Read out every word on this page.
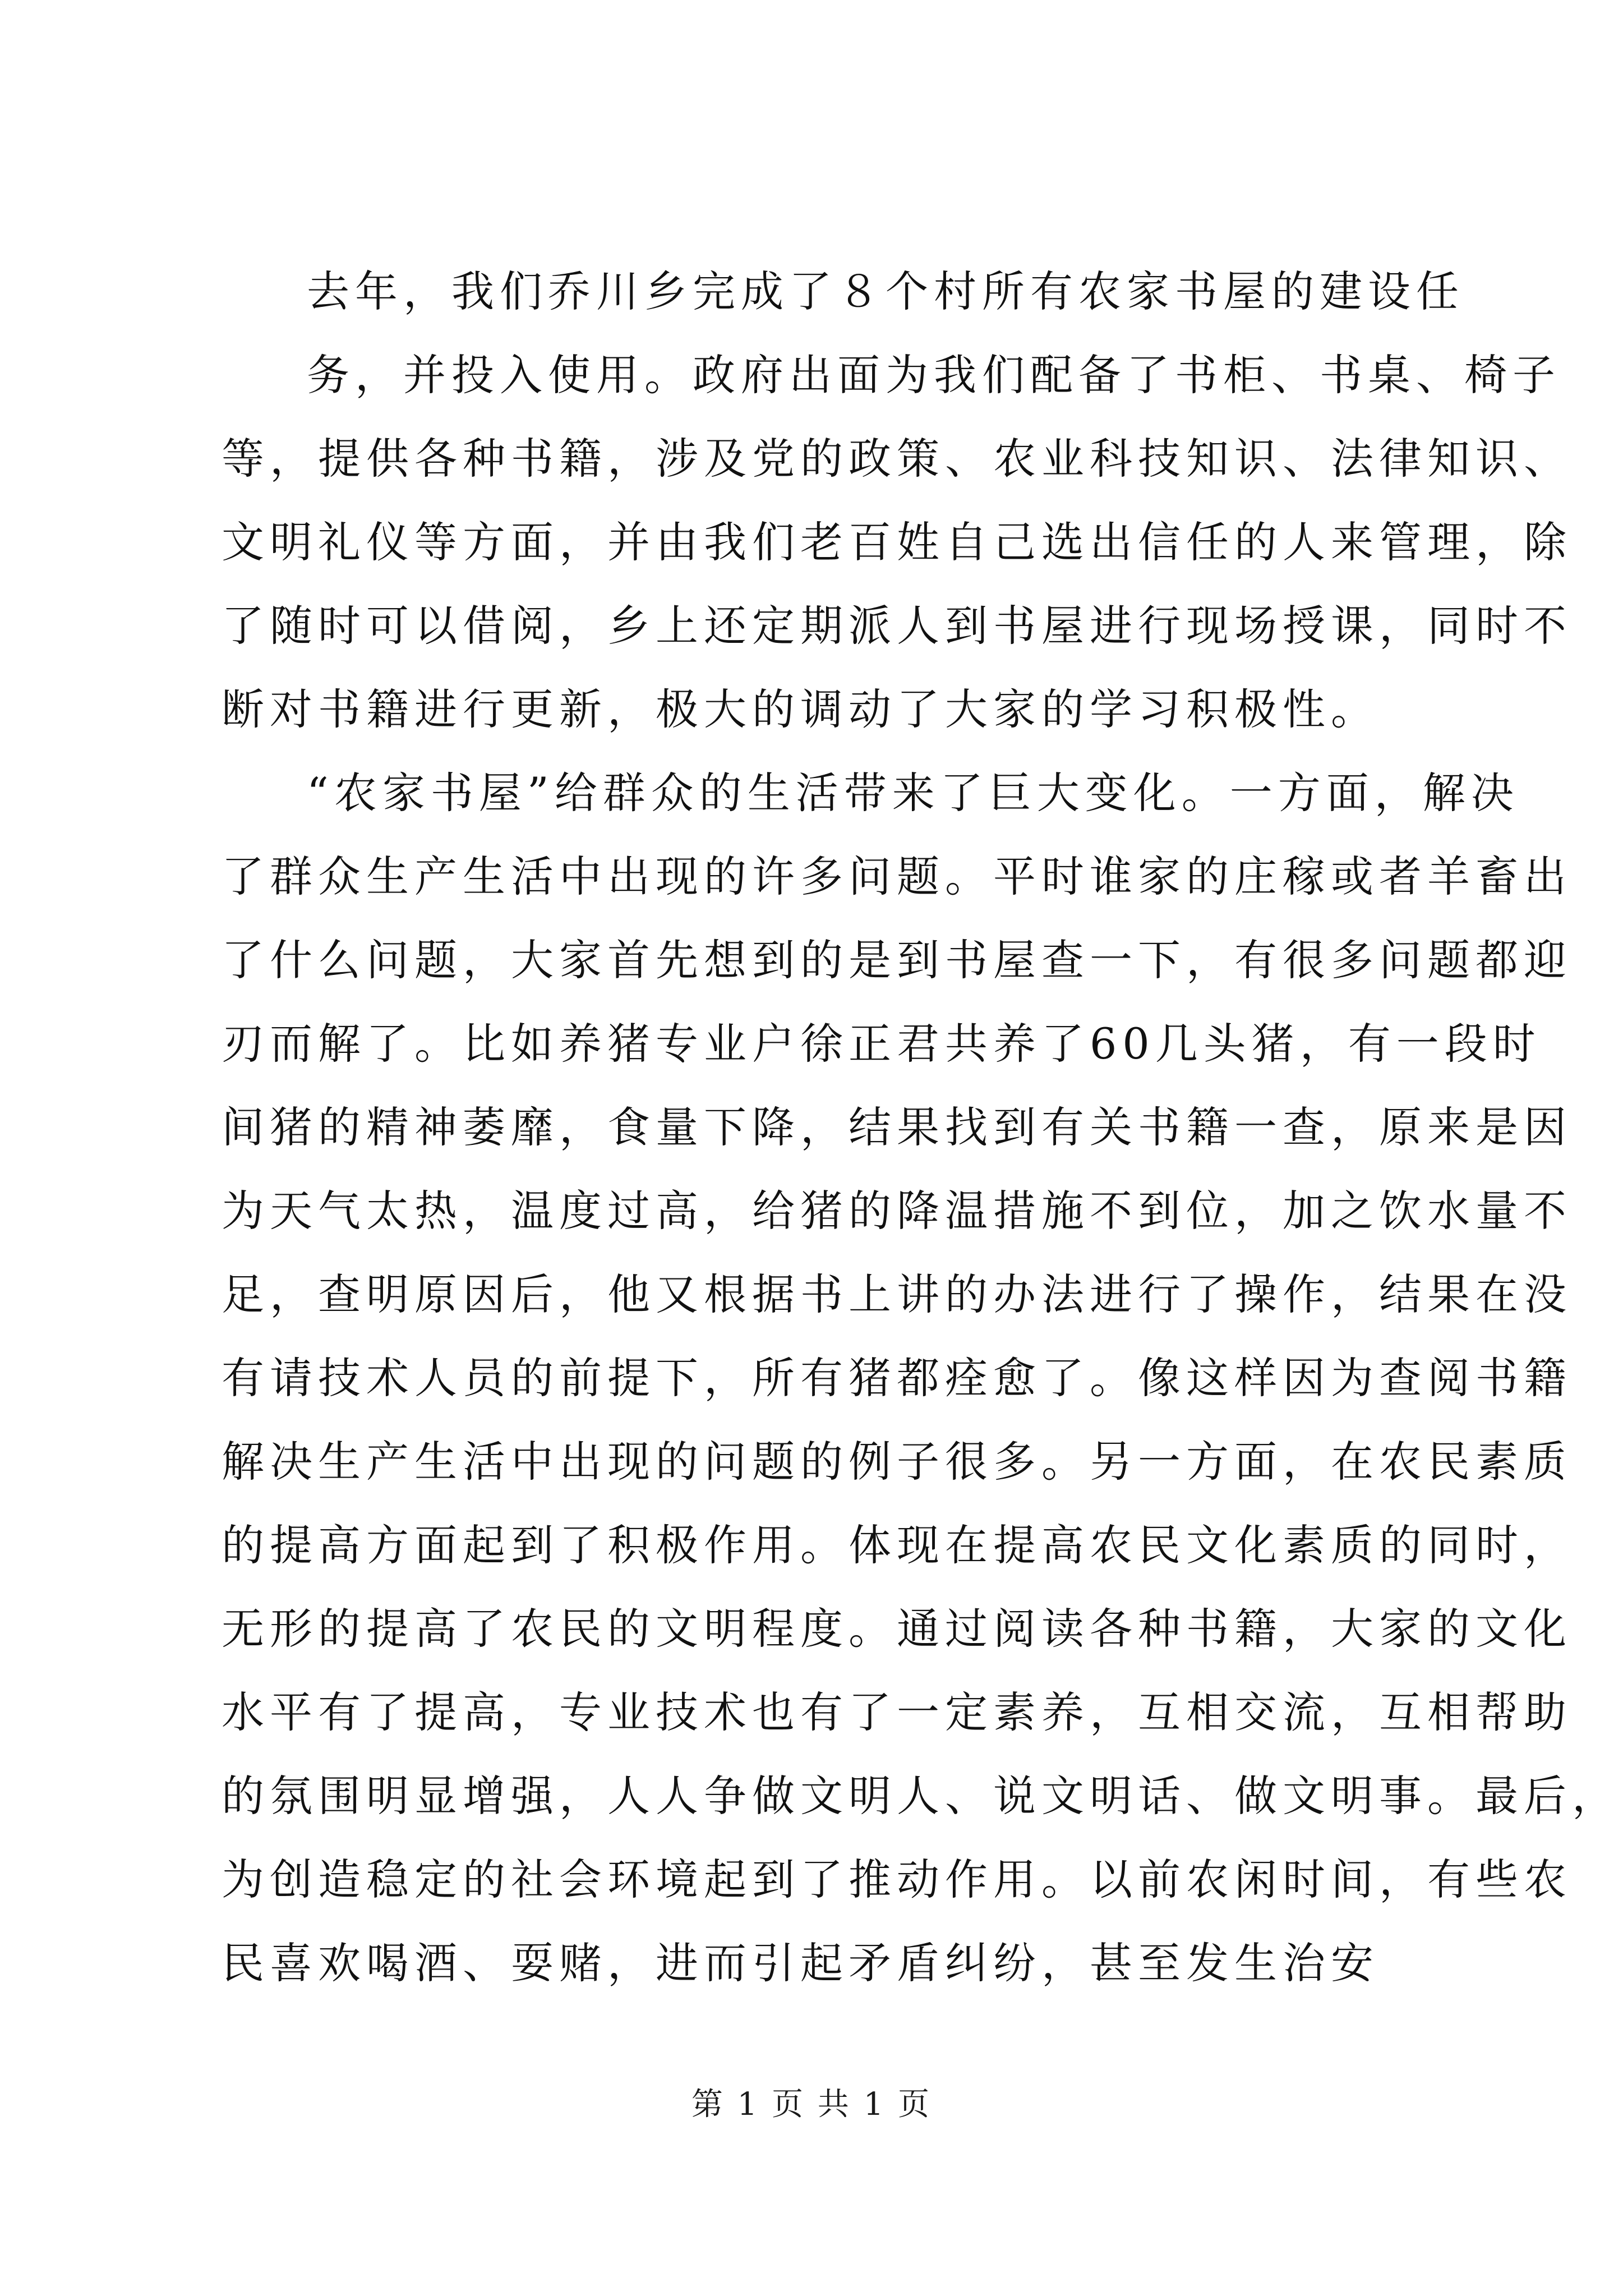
去年，我们乔川乡完成了８个村所有农家书屋的建设任
务，并投入使用。政府出面为我们配备了书柜、书桌、椅子
等，提供各种书籍，涉及党的政策、农业科技知识、法律知识、
文明礼仪等方面，并由我们老百姓自己选出信任的人来管理，除
了随时可以借阅，乡上还定期派人到书屋进行现场授课，同时不
断对书籍进行更新，极大的调动了大家的学习积极性。
“农家书屋”给群众的生活带来了巨大变化。一方面，解决
了群众生产生活中出现的许多问题。平时谁家的庄稼或者羊畜出
了什么问题，大家首先想到的是到书屋查一下，有很多问题都迎
刃而解了。比如养猪专业户徐正君共养了60几头猪，有一段时
间猪的精神萎靡，食量下降，结果找到有关书籍一查，原来是因
为天气太热，温度过高，给猪的降温措施不到位，加之饮水量不
足，查明原因后，他又根据书上讲的办法进行了操作，结果在没
有请技术人员的前提下，所有猪都痊愈了。像这样因为查阅书籍
解决生产生活中出现的问题的例子很多。另一方面，在农民素质
的提高方面起到了积极作用。体现在提高农民文化素质的同时，
无形的提高了农民的文明程度。通过阅读各种书籍，大家的文化
水平有了提高，专业技术也有了一定素养，互相交流，互相帮助
的氛围明显增强，人人争做文明人、说文明话、做文明事。最后，
为创造稳定的社会环境起到了推动作用。以前农闲时间，有些农
民喜欢喝酒、耍赌，进而引起矛盾纠纷，甚至发生治安
第 1 页 共 1 页
